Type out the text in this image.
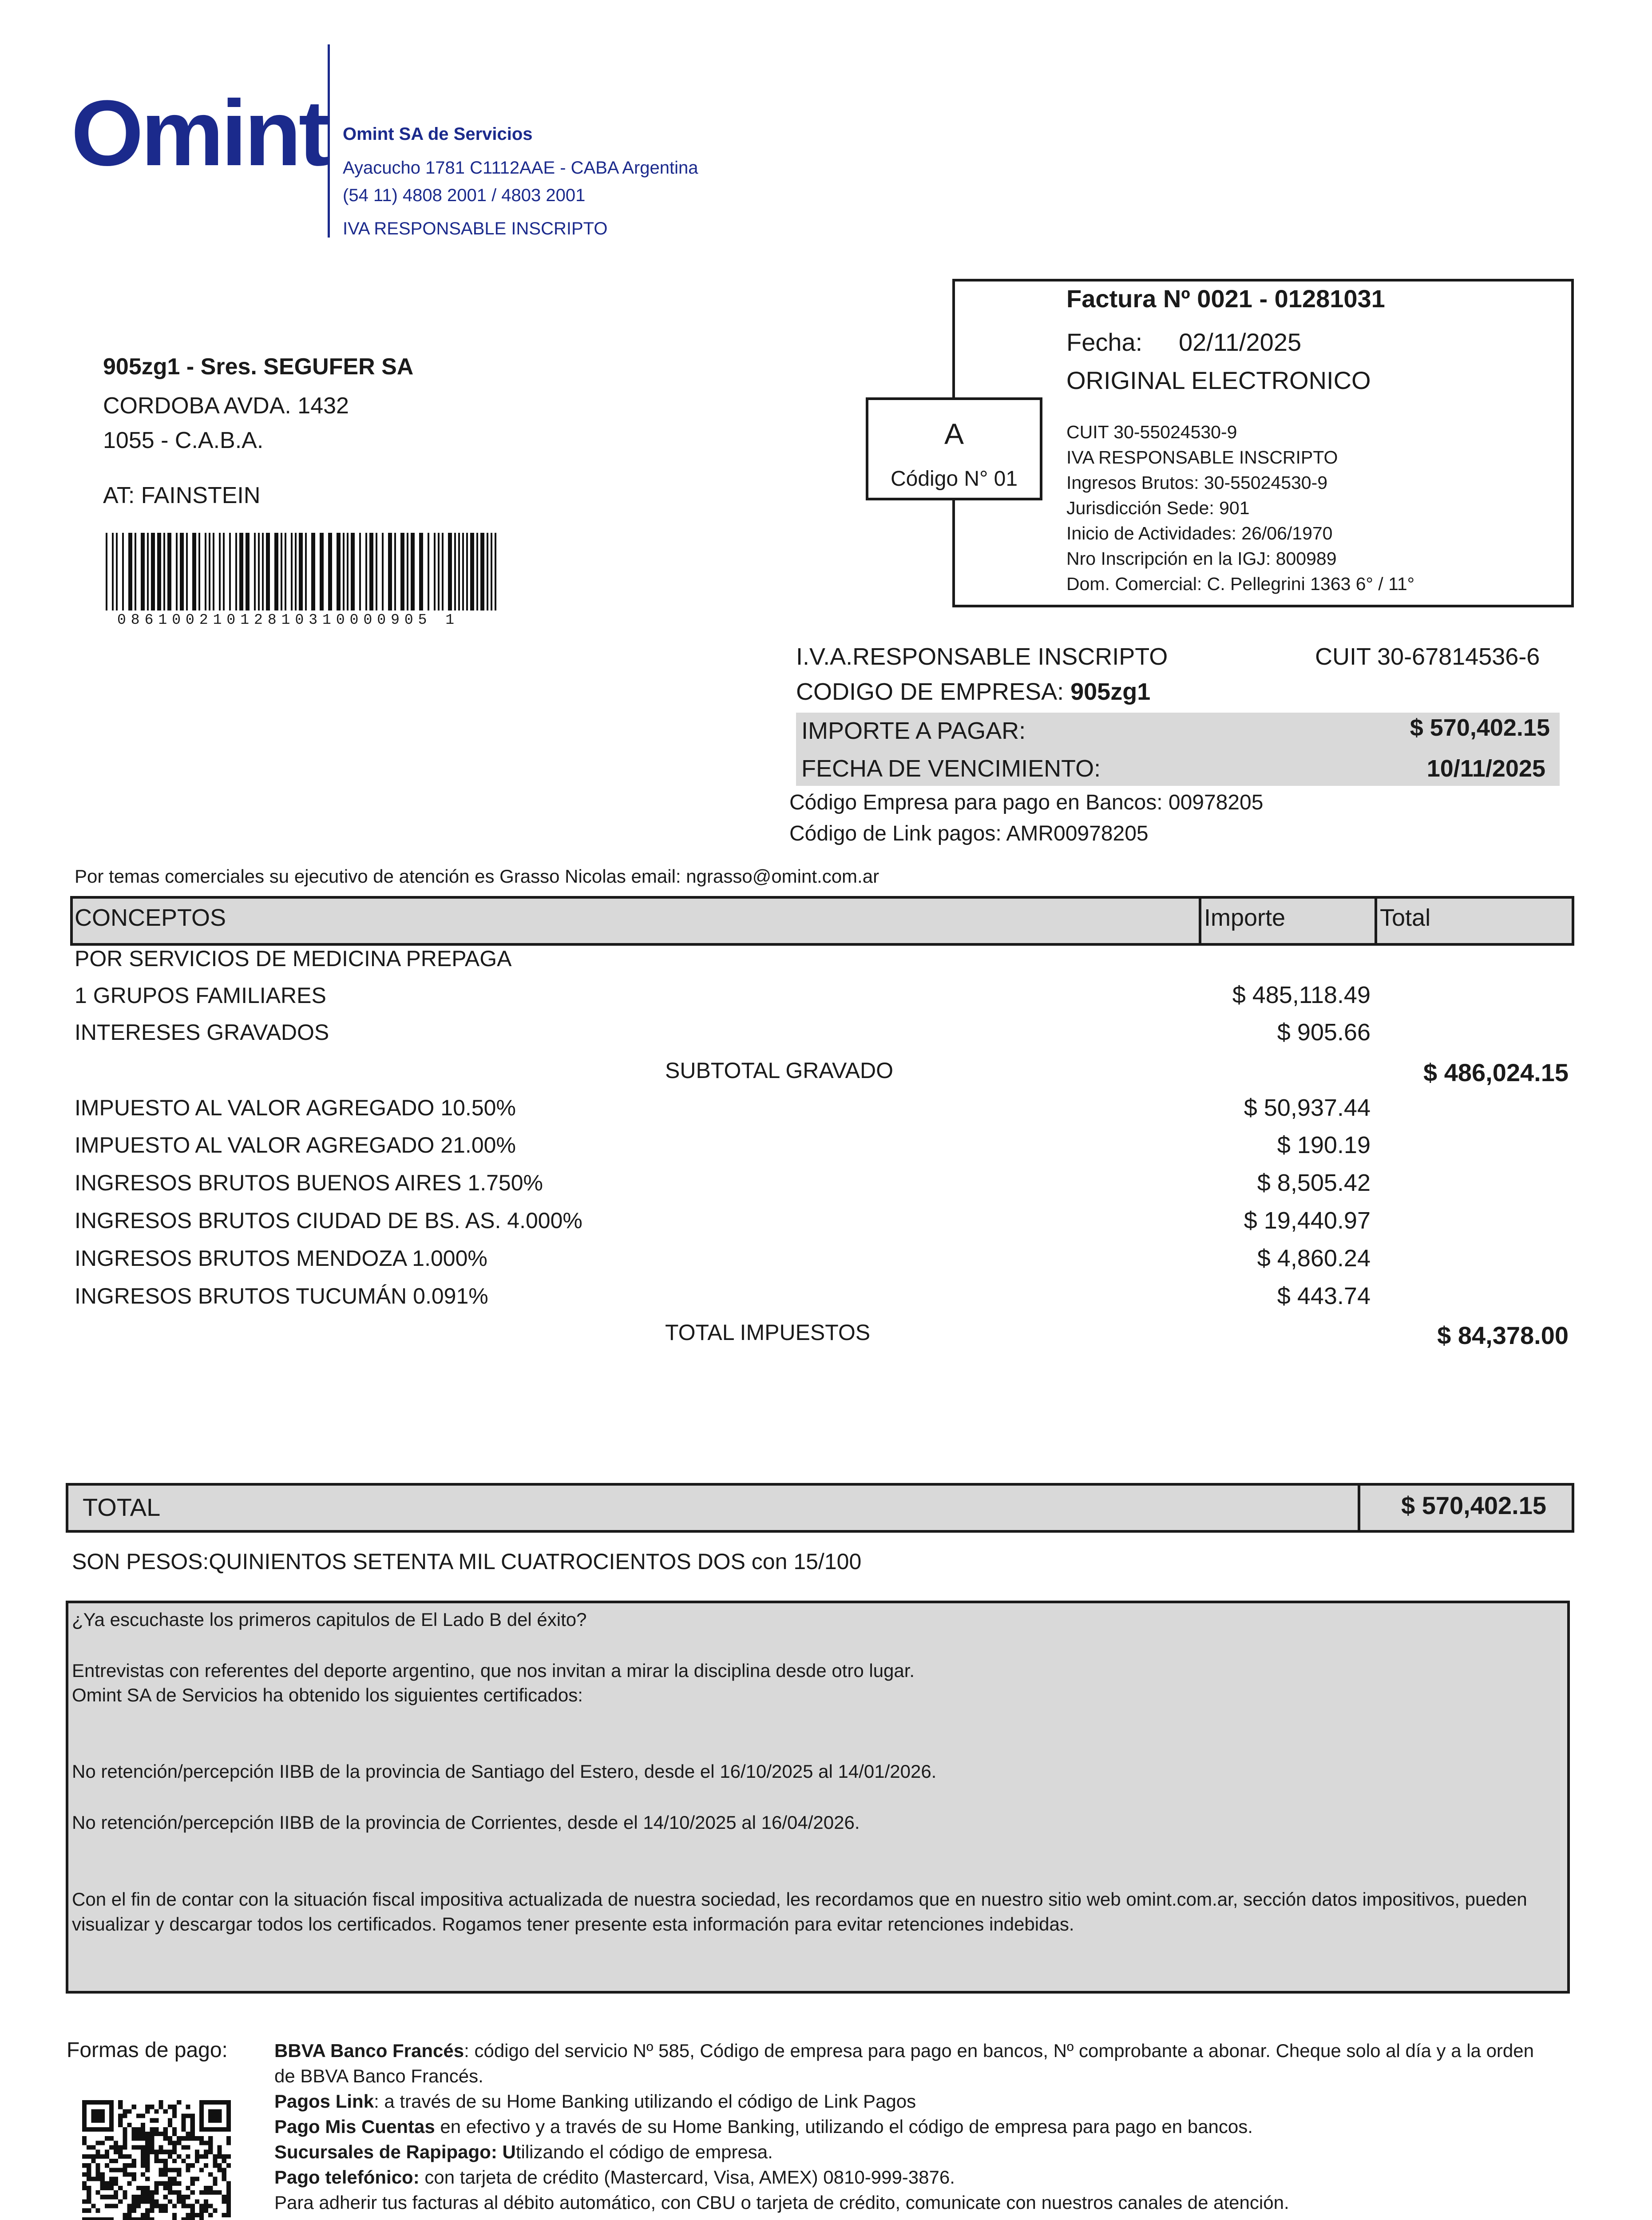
Omint Omint SA de Servicios
Ayacucho 1781 C1112AAE - CABA Argentina
(54 11) 4808 2001 / 4803 2001
IVA RESPONSABLE INSCRIPTO
905zg1 - Sres. SEGUFER SA
CORDOBA AVDA. 1432
1055 - C.A.B.A.
AT: FAINSTEIN
08610021012810310000905 1
A
Código N° 01
Factura Nº 0021 - 01281031
Fecha: 02/11/2025
ORIGINAL ELECTRONICO
CUIT 30-55024530-9
IVA RESPONSABLE INSCRIPTO
Ingresos Brutos: 30-55024530-9
Jurisdicción Sede: 901
Inicio de Actividades: 26/06/1970
Nro Inscripción en la IGJ: 800989
Dom. Comercial: C. Pellegrini 1363 6° / 11°
I.V.A.RESPONSABLE INSCRIPTO	CUIT 30-67814536-6
CODIGO DE EMPRESA: 905zg1
IMPORTE A PAGAR:	$ 570,402.15
FECHA DE VENCIMIENTO:	10/11/2025
Código Empresa para pago en Bancos: 00978205
Código de Link pagos: AMR00978205
Por temas comerciales su ejecutivo de atención es Grasso Nicolas email: ngrasso@omint.com.ar
CONCEPTOS	Importe	Total
POR SERVICIOS DE MEDICINA PREPAGA
1 GRUPOS FAMILIARES	$ 485,118.49
INTERESES GRAVADOS	$ 905.66
SUBTOTAL GRAVADO	$ 486,024.15
IMPUESTO AL VALOR AGREGADO 10.50%	$ 50,937.44
IMPUESTO AL VALOR AGREGADO 21.00%	$ 190.19
INGRESOS BRUTOS BUENOS AIRES 1.750%	$ 8,505.42
INGRESOS BRUTOS CIUDAD DE BS. AS. 4.000%	$ 19,440.97
INGRESOS BRUTOS MENDOZA 1.000%	$ 4,860.24
INGRESOS BRUTOS TUCUMÁN 0.091%	$ 443.74
TOTAL IMPUESTOS	$ 84,378.00
TOTAL	$ 570,402.15
SON PESOS:QUINIENTOS SETENTA MIL CUATROCIENTOS DOS con 15/100
¿Ya escuchaste los primeros capitulos de El Lado B del éxito?
Entrevistas con referentes del deporte argentino, que nos invitan a mirar la disciplina desde otro lugar.
Omint SA de Servicios ha obtenido los siguientes certificados:
No retención/percepción IIBB de la provincia de Santiago del Estero, desde el 16/10/2025 al 14/01/2026.
No retención/percepción IIBB de la provincia de Corrientes, desde el 14/10/2025 al 16/04/2026.
Con el fin de contar con la situación fiscal impositiva actualizada de nuestra sociedad, les recordamos que en nuestro sitio web omint.com.ar, sección datos impositivos, pueden visualizar y descargar todos los certificados. Rogamos tener presente esta información para evitar retenciones indebidas.
Formas de pago:	BBVA Banco Francés: código del servicio Nº 585, Código de empresa para pago en bancos, Nº comprobante a abonar. Cheque solo al día y a la orden de BBVA Banco Francés.
Pagos Link: a través de su Home Banking utilizando el código de Link Pagos
Pago Mis Cuentas en efectivo y a través de su Home Banking, utilizando el código de empresa para pago en bancos.
Sucursales de Rapipago: Utilizando el código de empresa.
Pago telefónico: con tarjeta de crédito (Mastercard, Visa, AMEX) 0810-999-3876.
Para adherir tus facturas al débito automático, con CBU o tarjeta de crédito, comunicate con nuestros canales de atención.
